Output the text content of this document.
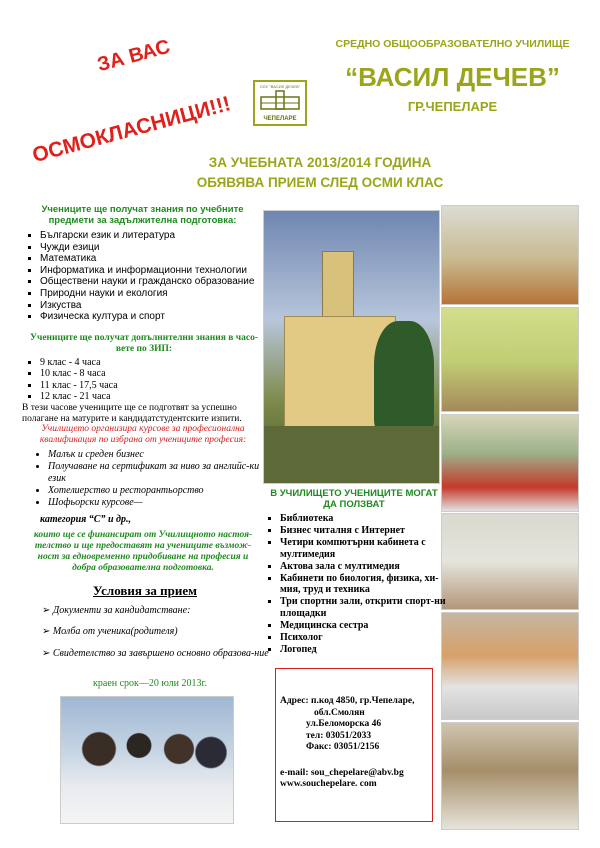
ЗА ВАС
ОСМОКЛАСНИЦИ!!!
СОУ "ВАСИЛ ДЕЧЕВ"
ЧЕПЕЛАРЕ
СРЕДНО ОБЩООБРАЗОВАТЕЛНО УЧИЛИЩЕ
“ВАСИЛ ДЕЧЕВ”
ГР.ЧЕПЕЛАРЕ
ЗА УЧЕБНАТА 2013/2014 ГОДИНА
ОБЯВЯВА ПРИЕМ СЛЕД ОСМИ КЛАС
Учениците ще получат знания по учебните предмети за задължителна подготовка:
▪ Български език и литература
▪ Чужди езици
▪ Математика
▪ Информатика и информационни технологии
▪ Обществени науки и гражданско образование
▪ Природни науки и екология
▪ Изкуства
▪ Физическа култура и спорт
Учениците ще получат допълнителни знания в часо-вете по ЗИП:
▪ 9 клас - 4 часа
▪ 10 клас - 8 часа
▪ 11 клас - 17,5 часа
▪ 12 клас - 21 часа
В тези часове учениците ще се подготвят за успешно полагане на матурите и кандидатстудентските изпити.
Училището организира курсове за професионална квалификация по избрана от учениците професия:
• Малък и среден бизнес
• Получаване на сертификат за ниво за английс-ки език
• Хотелиерство и ресторантьорство
• Шофьорски курсове—
категория “С” и др.,
които ще се финансират от Училищното настоя-телство и ще предоставят на учениците възмож-ност за едновременно придобиване на професия и добра образователна подготовка.
Условия за прием
➢ Документи за кандидатстване:
➢ Молба от ученика(родителя)
➢ Свидетелство за завършено основно образова-ние
краен срок—20 юли 2013г.
В УЧИЛИЩЕТО УЧЕНИЦИТЕ МОГАТ ДА ПОЛЗВАТ
▪ Библиотека
▪ Бизнес читалня с Интернет
▪ Четири компютърни кабинета с мултимедия
▪ Актова зала с мултимедия
▪ Кабинети по биология, физика, хи-мия, труд и техника
▪ Три спортни зали, открити спорт-ни площадки
▪ Медицинска сестра
▪ Психолог
▪ Логопед
Адрес: п.код 4850, гр.Чепеларе,
обл.Смолян
ул.Беломорска 46
тел: 03051/2033
Факс: 03051/2156
e-mail: sou_chepelare@abv.bg
www.souchepelare. com
